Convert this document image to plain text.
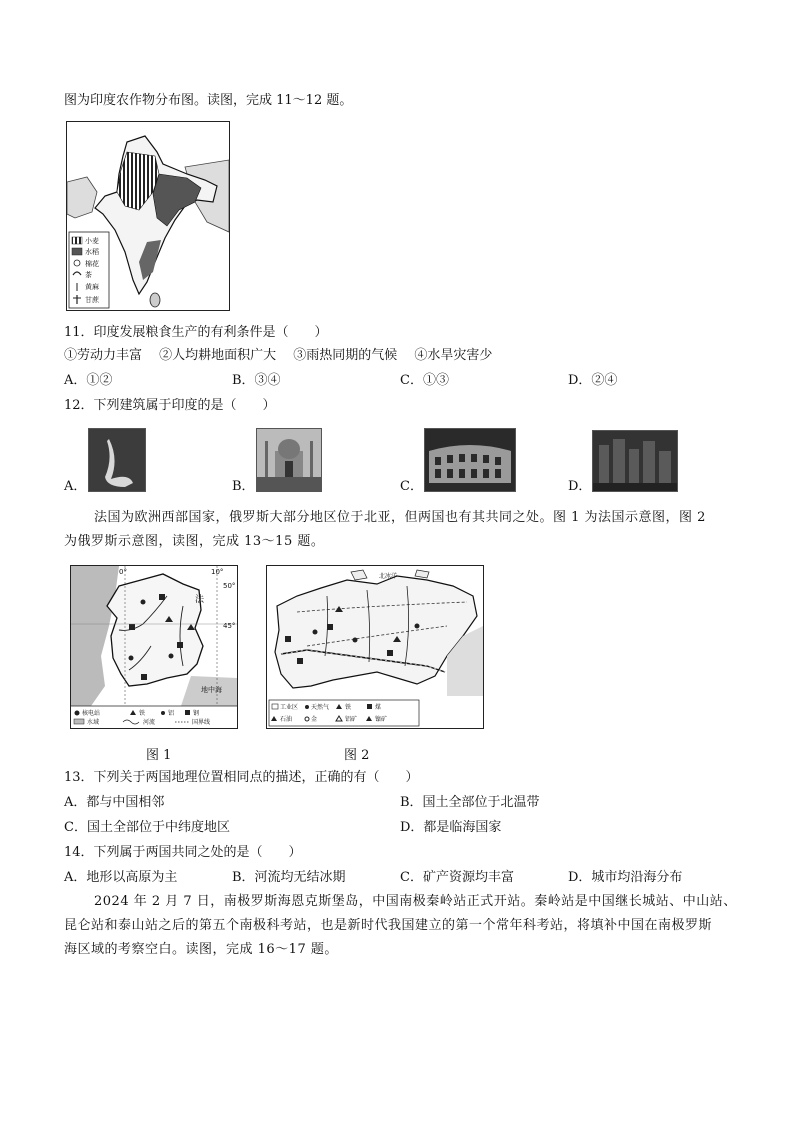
图为印度农作物分布图。读图，完成 11～12 题。
小麦
水稻
棉花
茶
黄麻
甘蔗
11．印度发展粮食生产的有利条件是（　　）
①劳动力丰富　 ②人均耕地面积广大　 ③雨热同期的气候　 ④水旱灾害少
A．①②	B．③④	C．①③	D．②④
12．下列建筑属于印度的是（　　）
A．	B．	C．	D．
法国为欧洲西部国家，俄罗斯大部分地区位于北亚，但两国也有其共同之处。图 1 为法国示意图，图 2
为俄罗斯示意图，读图，完成 13～15 题。
0°	10°
50°
45°
法
地中海
核电站	铁	铝	钢
水域	河流	国界线
北冰洋
工业区 天然气	铁	煤
石油	金	铝矿	镍矿
图 1	图 2
13．下列关于两国地理位置相同点的描述，正确的有（　　）
A．都与中国相邻	B．国土全部位于北温带
C．国土全部位于中纬度地区	D．都是临海国家
14．下列属于两国共同之处的是（　　）
A．地形以高原为主	B．河流均无结冰期	C．矿产资源均丰富	D．城市均沿海分布
2024 年 2 月 7 日，南极罗斯海恩克斯堡岛，中国南极秦岭站正式开站。秦岭站是中国继长城站、中山站、
昆仑站和泰山站之后的第五个南极科考站，也是新时代我国建立的第一个常年科考站，将填补中国在南极罗斯
海区域的考察空白。读图，完成 16～17 题。
